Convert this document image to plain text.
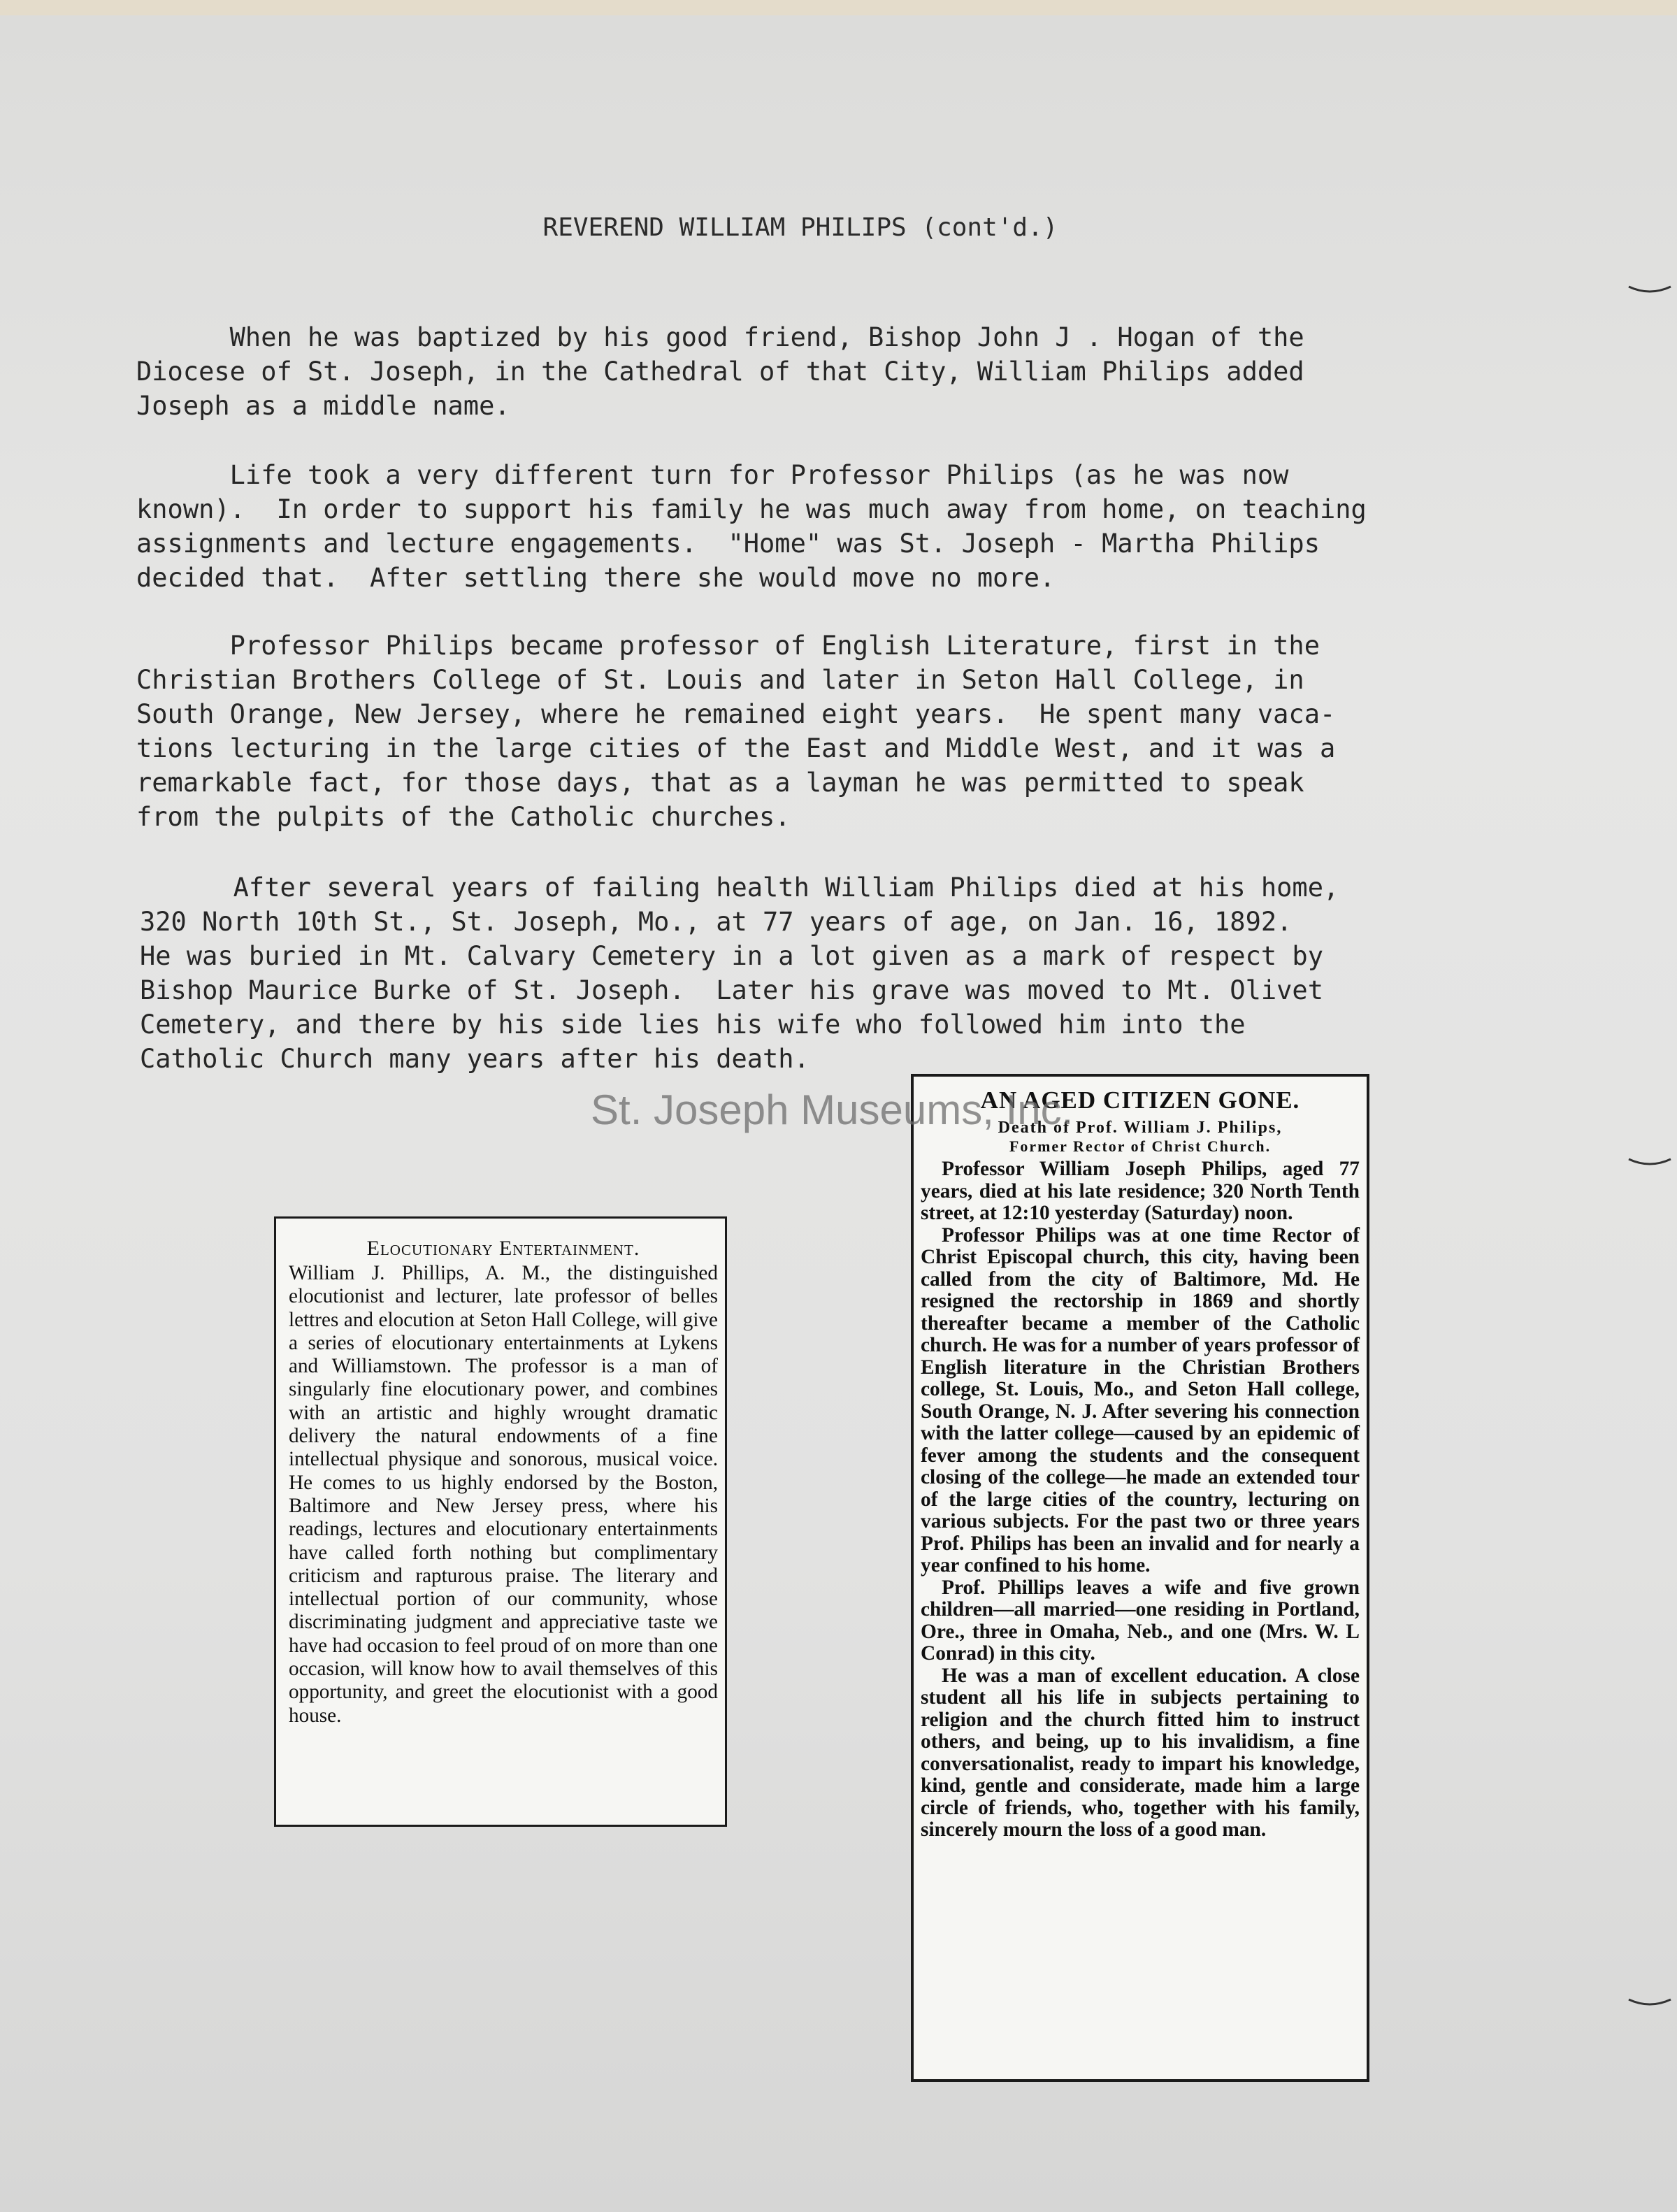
REVEREND WILLIAM PHILIPS (cont'd.)

When he was baptized by his good friend, Bishop John J . Hogan of the
Diocese of St. Joseph, in the Cathedral of that City, William Philips added
Joseph as a middle name.

Life took a very different turn for Professor Philips (as he was now
known).  In order to support his family he was much away from home, on teaching
assignments and lecture engagements.  "Home" was St. Joseph - Martha Philips
decided that.  After settling there she would move no more.

Professor Philips became professor of English Literature, first in the
Christian Brothers College of St. Louis and later in Seton Hall College, in
South Orange, New Jersey, where he remained eight years.  He spent many vaca-
tions lecturing in the large cities of the East and Middle West, and it was a
remarkable fact, for those days, that as a layman he was permitted to speak
from the pulpits of the Catholic churches.

After several years of failing health William Philips died at his home,
320 North 10th St., St. Joseph, Mo., at 77 years of age, on Jan. 16, 1892.
He was buried in Mt. Calvary Cemetery in a lot given as a mark of respect by
Bishop Maurice Burke of St. Joseph.  Later his grave was moved to Mt. Olivet
Cemetery, and there by his side lies his wife who followed him into the
Catholic Church many years after his death.

Elocutionary Entertainment.

William J. Phillips, A. M., the distinguished elocutionist and lecturer, late professor of belles lettres and elocution at Seton Hall College, will give a series of elocutionary entertainments at Lykens and Williamstown. The professor is a man of singularly fine elocutionary power, and combines with an artistic and highly wrought dramatic delivery the natural endowments of a fine intellectual physique and sonorous, musical voice. He comes to us highly endorsed by the Boston, Baltimore and New Jersey press, where his readings, lectures and elocutionary entertainments have called forth nothing but complimentary criticism and rapturous praise. The literary and intellectual portion of our community, whose discriminating judgment and appreciative taste we have had occasion to feel proud of on more than one occasion, will know how to avail themselves of this opportunity, and greet the elocutionist with a good house.

AN AGED CITIZEN GONE.

Death of Prof. William J. Philips,

Former Rector of Christ Church.

Professor William Joseph Philips, aged 77 years, died at his late residence; 320 North Tenth street, at 12:10 yesterday (Saturday) noon.
Professor Philips was at one time Rector of Christ Episcopal church, this city, having been called from the city of Baltimore, Md. He resigned the rectorship in 1869 and shortly thereafter became a member of the Catholic church. He was for a number of years professor of English literature in the Christian Brothers college, St. Louis, Mo., and Seton Hall college, South Orange, N. J. After severing his connection with the latter college—caused by an epidemic of fever among the students and the consequent closing of the college—he made an extended tour of the large cities of the country, lecturing on various subjects. For the past two or three years Prof. Philips has been an invalid and for nearly a year confined to his home.
Prof. Phillips leaves a wife and five grown children—all married—one residing in Portland, Ore., three in Omaha, Neb., and one (Mrs. W. L Conrad) in this city.
He was a man of excellent education. A close student all his life in subjects pertaining to religion and the church fitted him to instruct others, and being, up to his invalidism, a fine conversationalist, ready to impart his knowledge, kind, gentle and considerate, made him a large circle of friends, who, together with his family, sincerely mourn the loss of a good man.
St. Joseph Museums, Inc.
